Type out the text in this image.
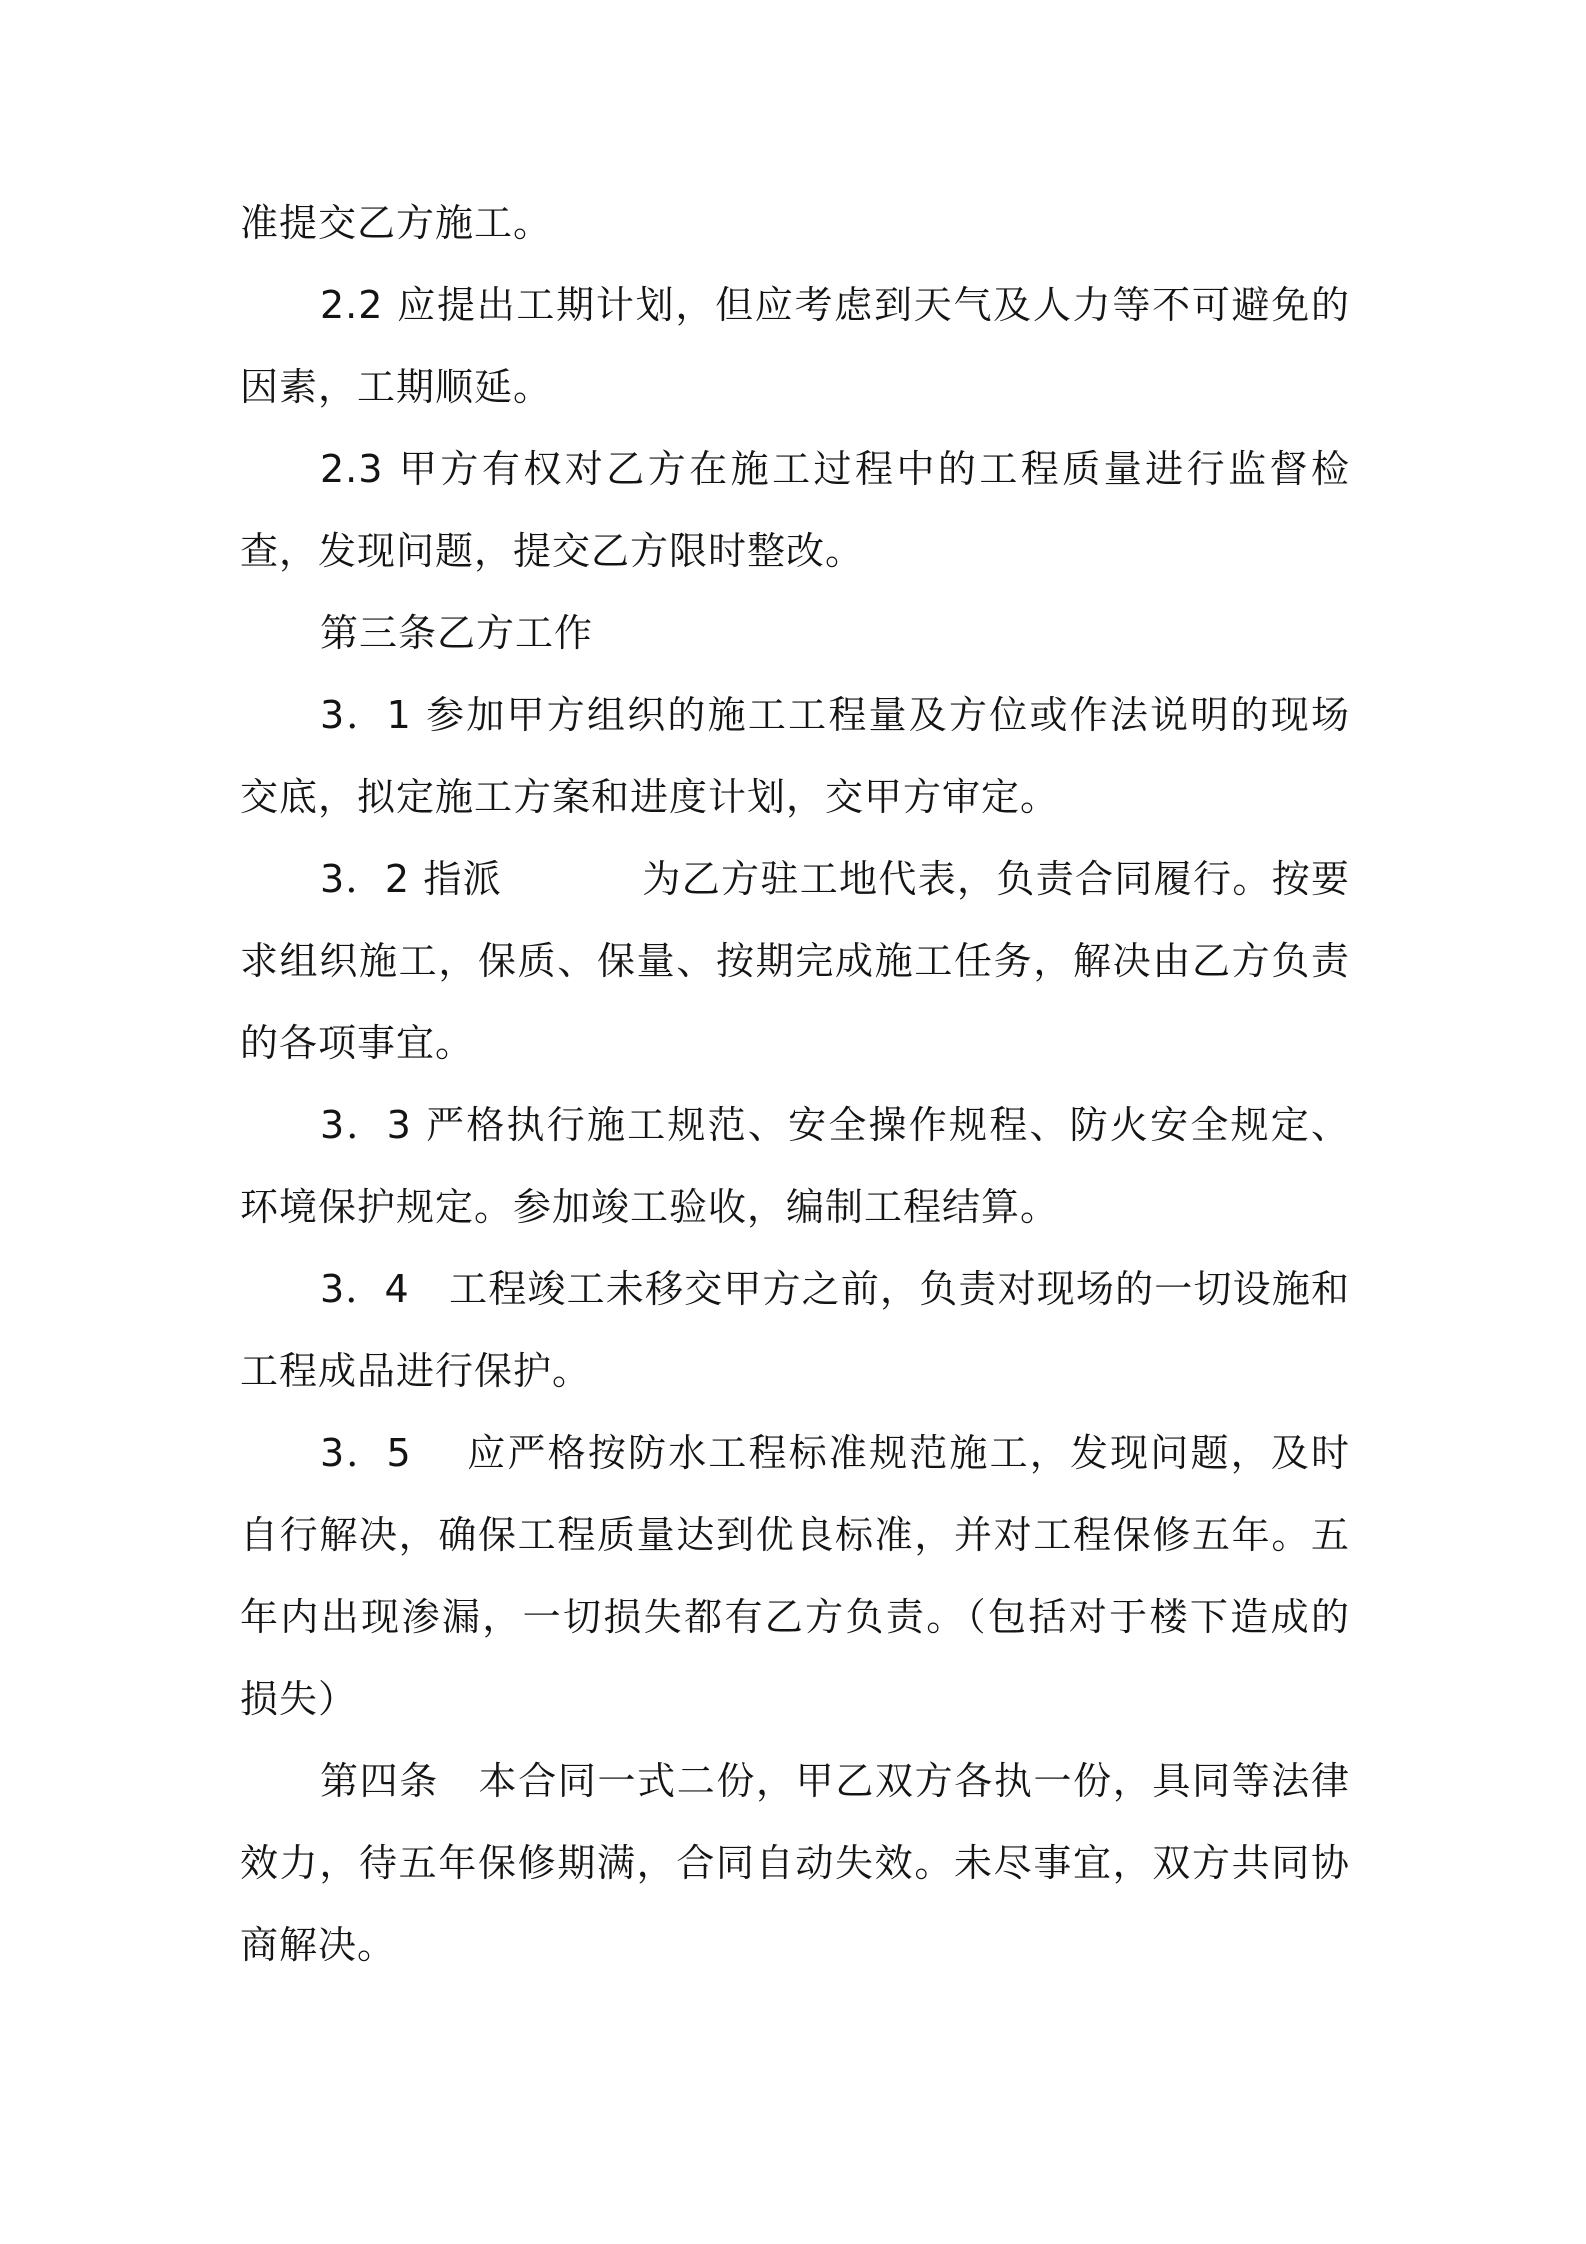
准提交乙方施工。

2.2 应提出工期计划，但应考虑到天气及人力等不可避免的因素，工期顺延。

2.3 甲方有权对乙方在施工过程中的工程质量进行监督检查，发现问题，提交乙方限时整改。

第三条乙方工作

3．1 参加甲方组织的施工工程量及方位或作法说明的现场交底，拟定施工方案和进度计划，交甲方审定。

3．2 指派	为乙方驻工地代表，负责合同履行。按要求组织施工，保质、保量、按期完成施工任务，解决由乙方负责的各项事宜。

3．3 严格执行施工规范、安全操作规程、防火安全规定、环境保护规定。参加竣工验收，编制工程结算。

3．4　工程竣工未移交甲方之前，负责对现场的一切设施和工程成品进行保护。

3．5　 应严格按防水工程标准规范施工，发现问题，及时自行解决，确保工程质量达到优良标准，并对工程保修五年。五年内出现渗漏，一切损失都有乙方负责。（包括对于楼下造成的损失）

第四条　本合同一式二份，甲乙双方各执一份，具同等法律效力，待五年保修期满，合同自动失效。未尽事宜，双方共同协商解决。
